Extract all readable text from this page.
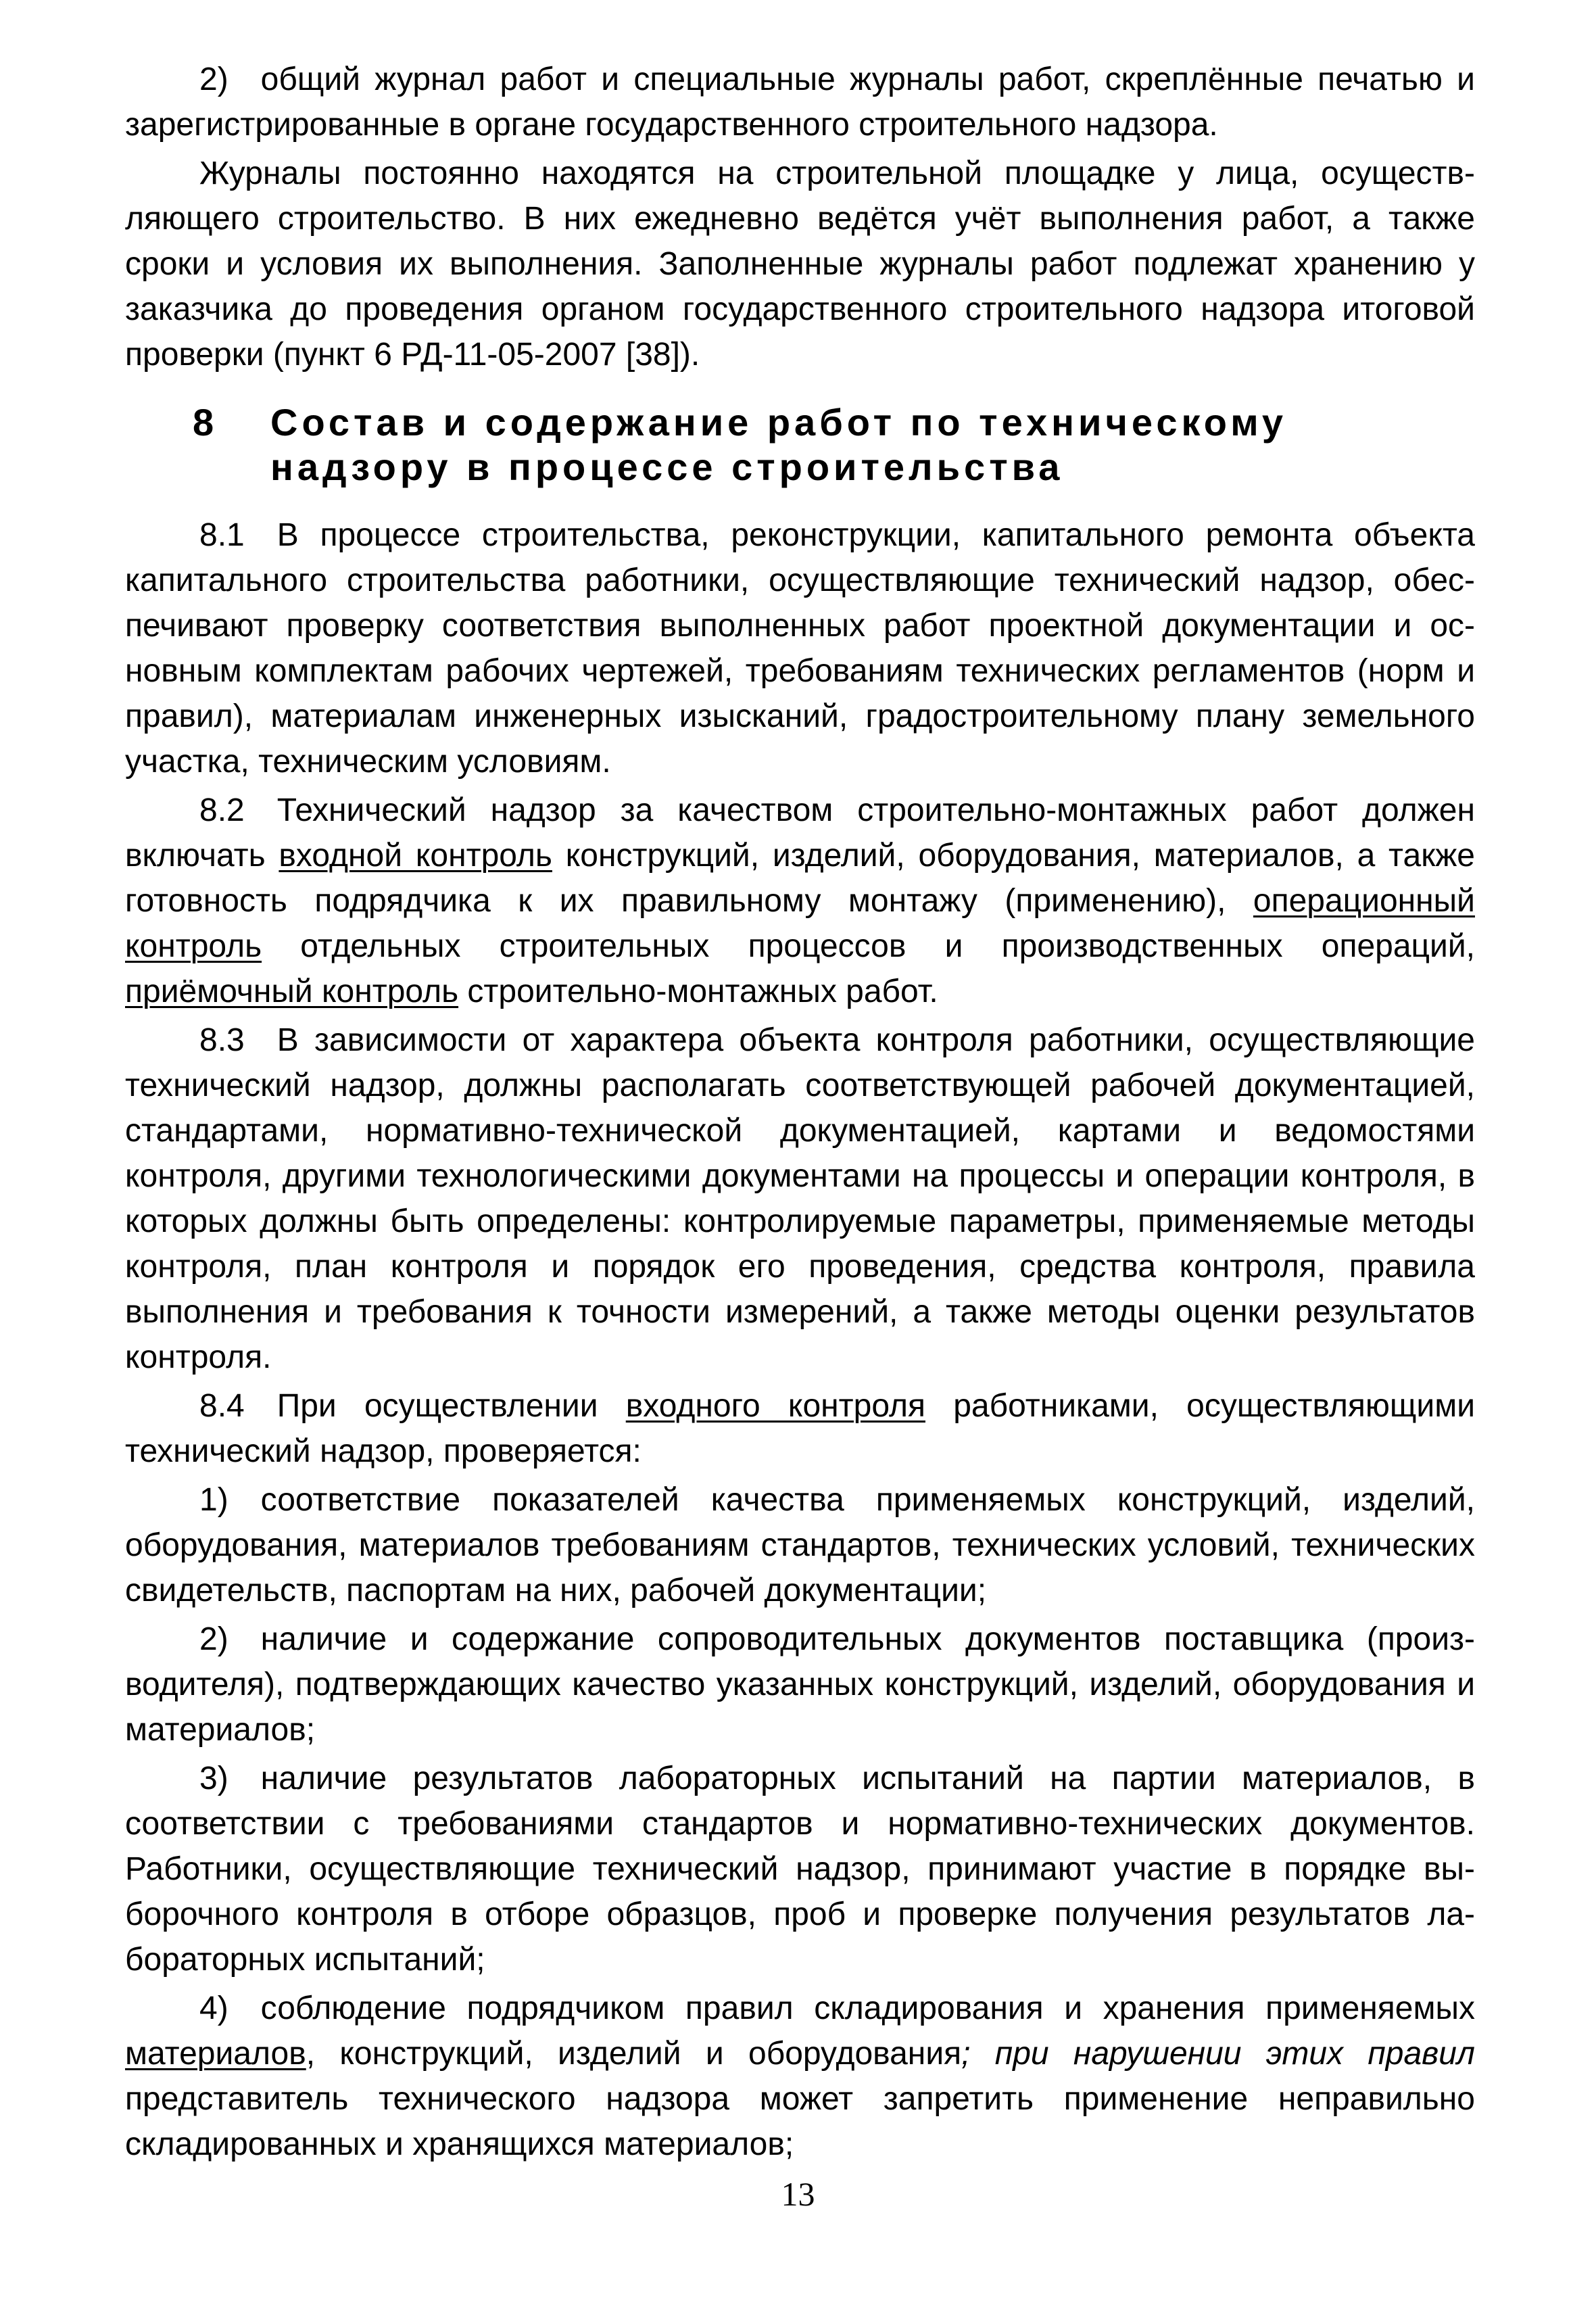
2) общий журнал работ и специальные журналы работ, скреплённые печатью и зарегистрированные в органе государственного строительного надзора.

Журналы постоянно находятся на строительной площадке у лица, осуществляющего строительство. В них ежедневно ведётся учёт выполнения работ, а также сроки и условия их выполнения. Заполненные журналы работ подлежат хранению у заказчика до проведения органом государственного строительного надзора итоговой проверки (пункт 6 РД-11-05-2007 [38]).

8	Состав и содержание работ по техническому надзору в процессе строительства

8.1 В процессе строительства, реконструкции, капитального ремонта объекта капитального строительства работники, осуществляющие технический надзор, обеспечивают проверку соответствия выполненных работ проектной документации и основным комплектам рабочих чертежей, требованиям технических регламентов (норм и правил), материалам инженерных изысканий, градостроительному плану земельного участка, техническим условиям.

8.2 Технический надзор за качеством строительно-монтажных работ должен включать входной контроль конструкций, изделий, оборудования, материалов, а также готовность подрядчика к их правильному монтажу (применению), операционный контроль отдельных строительных процессов и производственных операций, приёмочный контроль строительно-монтажных работ.

8.3 В зависимости от характера объекта контроля работники, осуществляющие технический надзор, должны располагать соответствующей рабочей документацией, стандартами, нормативно-технической документацией, картами и ведомостями контроля, другими технологическими документами на процессы и операции контроля, в которых должны быть определены: контролируемые параметры, применяемые методы контроля, план контроля и порядок его проведения, средства контроля, правила выполнения и требования к точности измерений, а также методы оценки результатов контроля.

8.4 При осуществлении входного контроля работниками, осуществляющими технический надзор, проверяется:

1) соответствие показателей качества применяемых конструкций, изделий, оборудования, материалов требованиям стандартов, технических условий, технических свидетельств, паспортам на них, рабочей документации;

2) наличие и содержание сопроводительных документов поставщика (производителя), подтверждающих качество указанных конструкций, изделий, оборудования и материалов;

3) наличие результатов лабораторных испытаний на партии материалов, в соответствии с требованиями стандартов и нормативно-технических документов. Работники, осуществляющие технический надзор, принимают участие в порядке выборочного контроля в отборе образцов, проб и проверке получения результатов лабораторных испытаний;

4) соблюдение подрядчиком правил складирования и хранения применяемых материалов, конструкций, изделий и оборудования; при нарушении этих правил представитель технического надзора может запретить применение неправильно складированных и хранящихся материалов;

13
